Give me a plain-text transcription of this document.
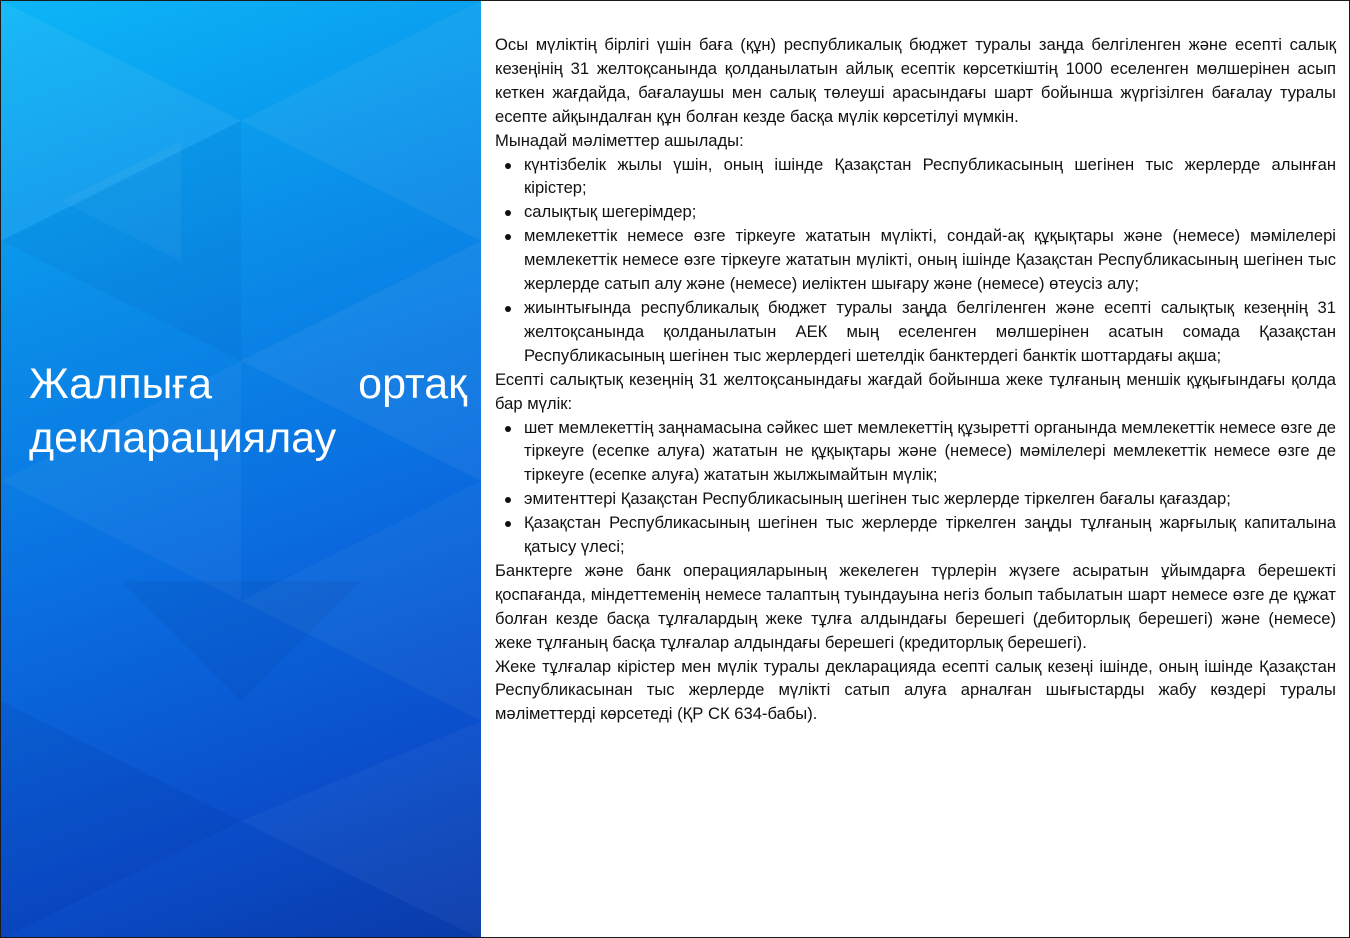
Жалпыға ортақ декларациялау

Осы мүліктің бірлігі үшін баға (құн) республикалық бюджет туралы заңда белгіленген және есепті салық кезеңінің 31 желтоқсанында қолданылатын айлық есептік көрсеткіштің 1000 еселенген мөлшерінен асып кеткен жағдайда, бағалаушы мен салық төлеуші арасындағы шарт бойынша жүргізілген бағалау туралы есепте айқындалған құн болған кезде басқа мүлік көрсетілуі мүмкін.

Мынадай мәліметтер ашылады:

күнтізбелік жылы үшін, оның ішінде Қазақстан Республикасының шегінен тыс жерлерде алынған кірістер;
салықтық шегерімдер;
мемлекеттік немесе өзге тіркеуге жататын мүлікті, сондай-ақ құқықтары және (немесе) мәмілелері мемлекеттік немесе өзге тіркеуге жататын мүлікті, оның ішінде Қазақстан Республикасының шегінен тыс жерлерде сатып алу және (немесе) иеліктен шығару және (немесе) өтеусіз алу;
жиынтығында республикалық бюджет туралы заңда белгіленген және есепті салықтық кезеңнің 31 желтоқсанында қолданылатын АЕК мың еселенген мөлшерінен асатын сомада Қазақстан Республикасының шегінен тыс жерлердегі шетелдік банктердегі банктік шоттардағы ақша;

Есепті салықтық кезеңнің 31 желтоқсанындағы жағдай бойынша жеке тұлғаның меншік құқығындағы қолда бар мүлік:

шет мемлекеттің заңнамасына сәйкес шет мемлекеттің құзыретті органында мемлекеттік немесе өзге де тіркеуге (есепке алуға) жататын не құқықтары және (немесе) мәмілелері мемлекеттік немесе өзге де тіркеуге (есепке алуға) жататын жылжымайтын мүлік;
эмитенттері Қазақстан Республикасының шегінен тыс жерлерде тіркелген бағалы қағаздар;
Қазақстан Республикасының шегінен тыс жерлерде тіркелген заңды тұлғаның жарғылық капиталына қатысу үлесі;

Банктерге және банк операцияларының жекелеген түрлерін жүзеге асыратын ұйымдарға берешекті қоспағанда, міндеттеменің немесе талаптың туындауына негіз болып табылатын шарт немесе өзге де құжат болған кезде басқа тұлғалардың жеке тұлға алдындағы берешегі (дебиторлық берешегі) және (немесе) жеке тұлғаның басқа тұлғалар алдындағы берешегі (кредиторлық берешегі).

Жеке тұлғалар кірістер мен мүлік туралы декларацияда есепті салық кезеңі ішінде, оның ішінде Қазақстан Республикасынан тыс жерлерде мүлікті сатып алуға арналған шығыстарды жабу көздері туралы мәліметтерді көрсетеді (ҚР СК 634-бабы).
